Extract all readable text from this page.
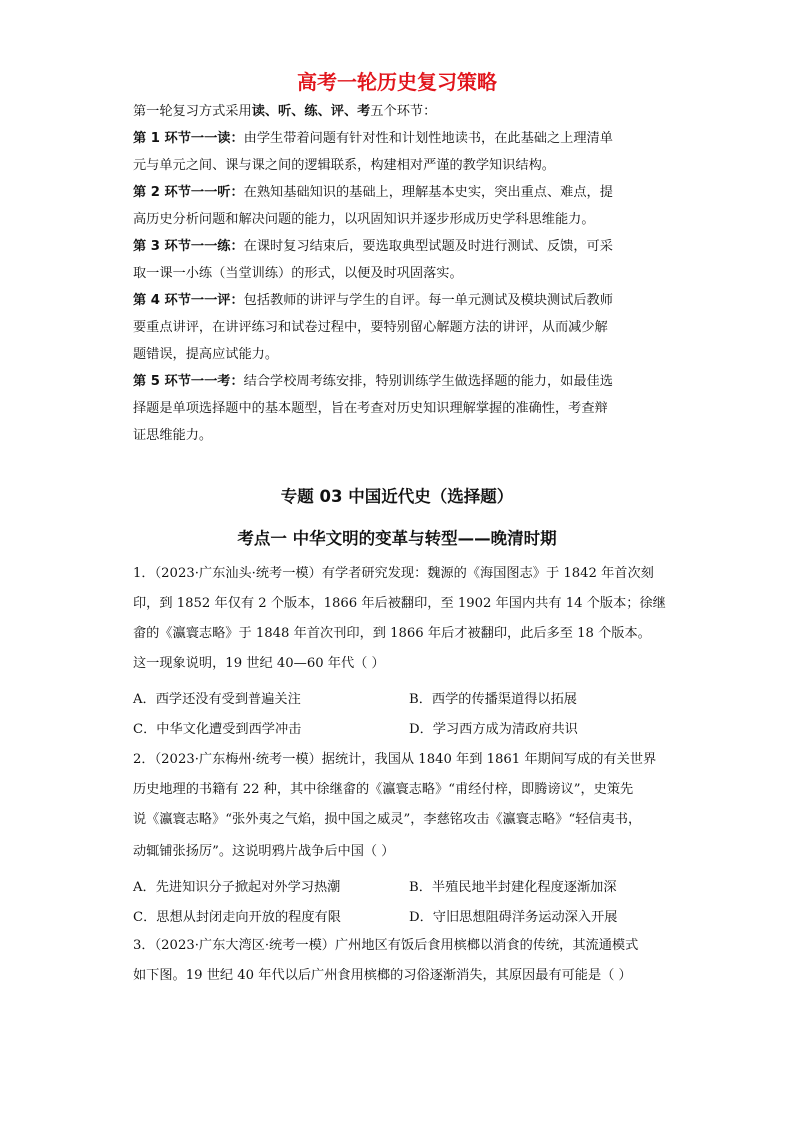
高考一轮历史复习策略
第一轮复习方式采用读、听、练、评、考五个环节：
第 1 环节一一读：由学生带着问题有针对性和计划性地读书，在此基础之上理清单
元与单元之间、课与课之间的逻辑联系，构建相对严谨的教学知识结构。
第 2 环节一一听：在熟知基础知识的基础上，理解基本史实，突出重点、难点，提
高历史分析问题和解决问题的能力，以巩固知识并逐步形成历史学科思维能力。
第 3 环节一一练：在课时复习结束后，要选取典型试题及时进行测试、反馈，可采
取一课一小练（当堂训练）的形式，以便及时巩固落实。
第 4 环节一一评：包括教师的讲评与学生的自评。每一单元测试及模块测试后教师
要重点讲评，在讲评练习和试卷过程中，要特别留心解题方法的讲评，从而减少解
题错误，提高应试能力。
第 5 环节一一考：结合学校周考练安排，特别训练学生做选择题的能力，如最佳选
择题是单项选择题中的基本题型，旨在考查对历史知识理解掌握的准确性，考查辩
证思维能力。
专题 03 中国近代史（选择题）
考点一 中华文明的变革与转型——晚清时期
1．（2023·广东汕头·统考一模）有学者研究发现：魏源的《海国图志》于 1842 年首次刻
印，到 1852 年仅有 2 个版本，1866 年后被翻印，至 1902 年国内共有 14 个版本；徐继
畲的《瀛寰志略》于 1848 年首次刊印，到 1866 年后才被翻印，此后多至 18 个版本。
这一现象说明，19 世纪 40—60 年代（ ）
A．西学还没有受到普遍关注	B．西学的传播渠道得以拓展
C．中华文化遭受到西学冲击	D．学习西方成为清政府共识
2．（2023·广东梅州·统考一模）据统计，我国从 1840 年到 1861 年期间写成的有关世界
历史地理的书籍有 22 种，其中徐继畲的《瀛寰志略》“甫经付梓，即腾谤议”，史策先
说《瀛寰志略》“张外夷之气焰，损中国之威灵”，李慈铭攻击《瀛寰志略》“轻信夷书，
动辄铺张扬厉”。这说明鸦片战争后中国（ ）
A．先进知识分子掀起对外学习热潮	B．半殖民地半封建化程度逐渐加深
C．思想从封闭走向开放的程度有限	D．守旧思想阻碍洋务运动深入开展
3．（2023·广东大湾区·统考一模）广州地区有饭后食用槟榔以消食的传统，其流通模式
如下图。19 世纪 40 年代以后广州食用槟榔的习俗逐渐消失，其原因最有可能是（ ）
